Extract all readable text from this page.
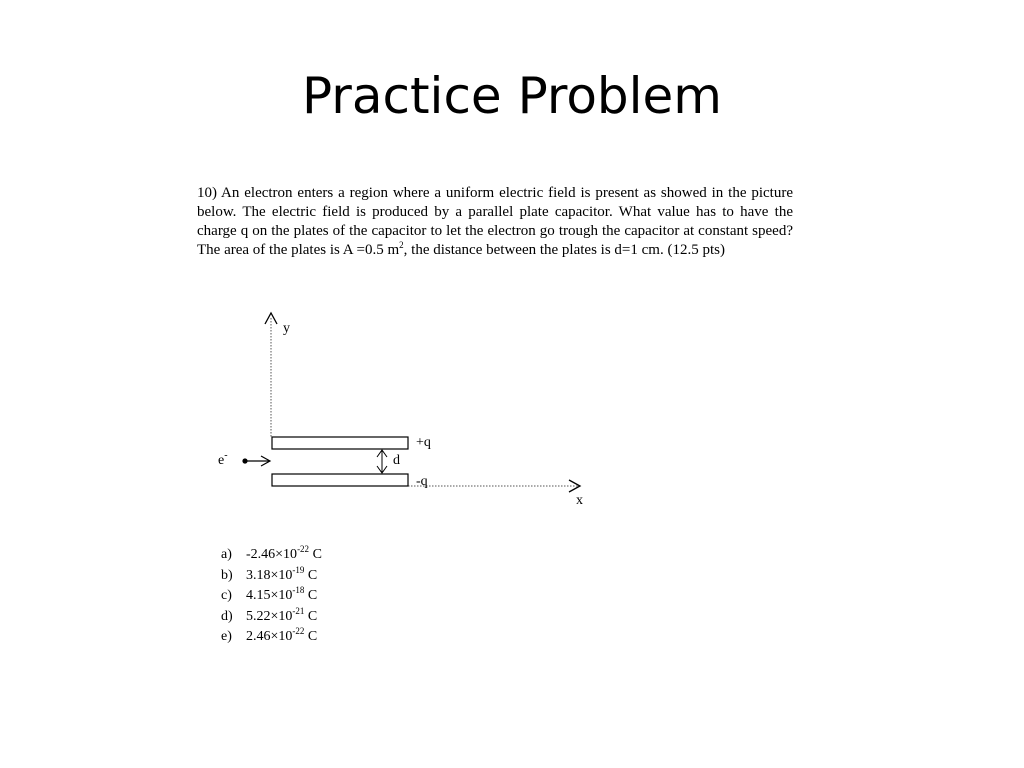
Practice Problem
10) An electron enters a region where a uniform electric field is present as showed in the picture below. The electric field is produced by a parallel plate capacitor. What value has to have the charge q on the plates of the capacitor to let the electron go trough the capacitor at constant speed? The area of the plates is A =0.5 $m^2$, the distance between the plates is d=1 cm. (12.5 pts)
y
x
+q
-q
d
e-
a) $-2.46\times 10^{-22}$ C
b) $3.18\times 10^{-19}$ C
c) $4.15\times 10^{-18}$ C
d) $5.22\times 10^{-21}$ C
e) $2.46\times 10^{-22}$ C
